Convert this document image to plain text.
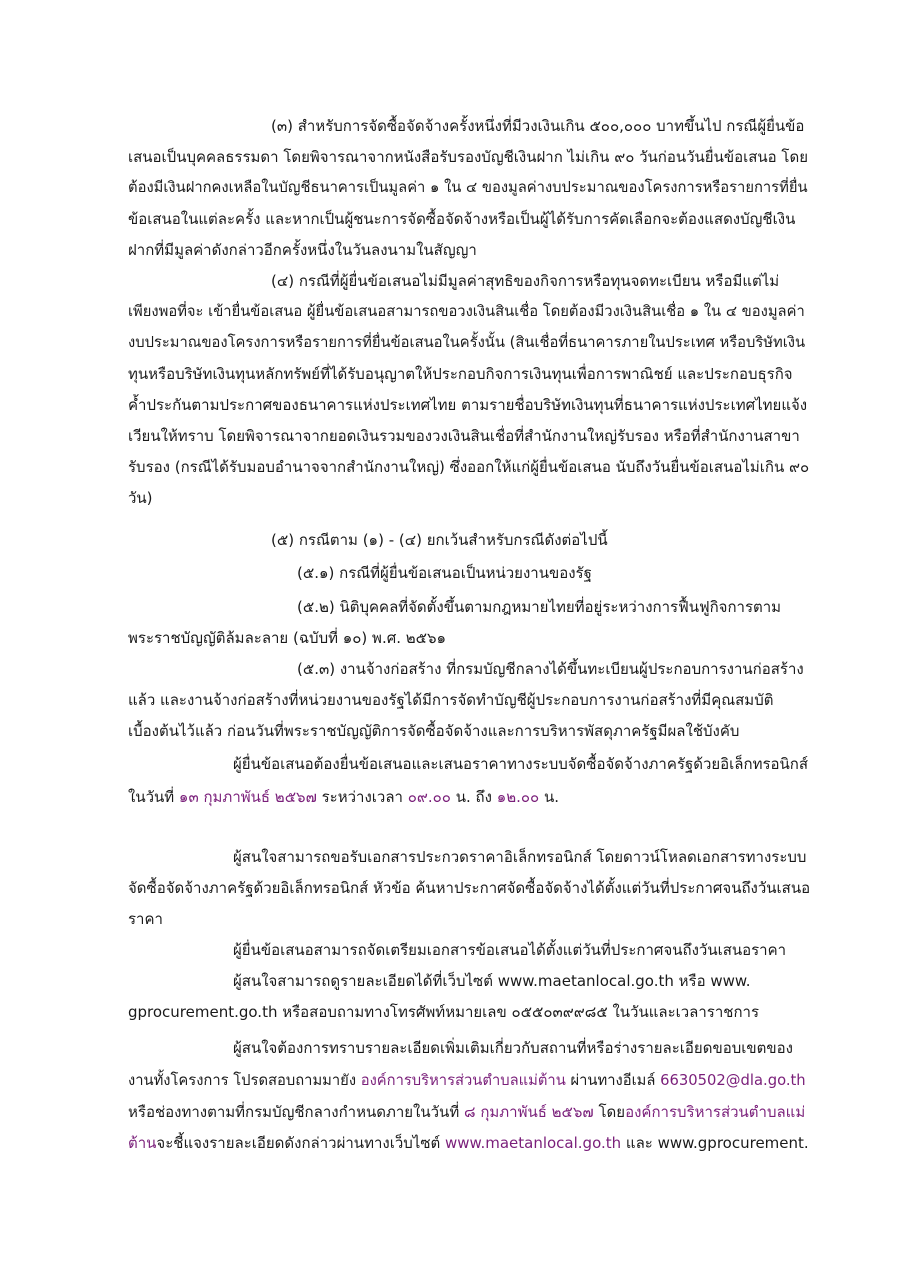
(๓) สำหรับการจัดซื้อจัดจ้างครั้งหนึ่งที่มีวงเงินเกิน ๕๐๐,๐๐๐ บาทขึ้นไป กรณีผู้ยื่นข้อ
เสนอเป็นบุคคลธรรมดา โดยพิจารณาจากหนังสือรับรองบัญชีเงินฝาก ไม่เกิน ๙๐ วันก่อนวันยื่นข้อเสนอ โดย
ต้องมีเงินฝากคงเหลือในบัญชีธนาคารเป็นมูลค่า ๑ ใน ๔ ของมูลค่างบประมาณของโครงการหรือรายการที่ยื่น
ข้อเสนอในแต่ละครั้ง และหากเป็นผู้ชนะการจัดซื้อจัดจ้างหรือเป็นผู้ได้รับการคัดเลือกจะต้องแสดงบัญชีเงิน
ฝากที่มีมูลค่าดังกล่าวอีกครั้งหนึ่งในวันลงนามในสัญญา
(๔) กรณีที่ผู้ยื่นข้อเสนอไม่มีมูลค่าสุทธิของกิจการหรือทุนจดทะเบียน หรือมีแต่ไม่
เพียงพอที่จะ เข้ายื่นข้อเสนอ ผู้ยื่นข้อเสนอสามารถขอวงเงินสินเชื่อ โดยต้องมีวงเงินสินเชื่อ ๑ ใน ๔ ของมูลค่า
งบประมาณของโครงการหรือรายการที่ยื่นข้อเสนอในครั้งนั้น (สินเชื่อที่ธนาคารภายในประเทศ หรือบริษัทเงิน
ทุนหรือบริษัทเงินทุนหลักทรัพย์ที่ได้รับอนุญาตให้ประกอบกิจการเงินทุนเพื่อการพาณิชย์ และประกอบธุรกิจ
ค้ำประกันตามประกาศของธนาคารแห่งประเทศไทย ตามรายชื่อบริษัทเงินทุนที่ธนาคารแห่งประเทศไทยแจ้ง
เวียนให้ทราบ โดยพิจารณาจากยอดเงินรวมของวงเงินสินเชื่อที่สำนักงานใหญ่รับรอง หรือที่สำนักงานสาขา
รับรอง (กรณีได้รับมอบอำนาจจากสำนักงานใหญ่) ซึ่งออกให้แก่ผู้ยื่นข้อเสนอ นับถึงวันยื่นข้อเสนอไม่เกิน ๙๐
วัน)
(๕) กรณีตาม (๑) - (๔) ยกเว้นสำหรับกรณีดังต่อไปนี้
(๕.๑) กรณีที่ผู้ยื่นข้อเสนอเป็นหน่วยงานของรัฐ
(๕.๒) นิติบุคคลที่จัดตั้งขึ้นตามกฎหมายไทยที่อยู่ระหว่างการฟื้นฟูกิจการตาม
พระราชบัญญัติล้มละลาย (ฉบับที่ ๑๐) พ.ศ. ๒๕๖๑
(๕.๓) งานจ้างก่อสร้าง ที่กรมบัญชีกลางได้ขึ้นทะเบียนผู้ประกอบการงานก่อสร้าง
แล้ว และงานจ้างก่อสร้างที่หน่วยงานของรัฐได้มีการจัดทำบัญชีผู้ประกอบการงานก่อสร้างที่มีคุณสมบัติ
เบื้องต้นไว้แล้ว ก่อนวันที่พระราชบัญญัติการจัดซื้อจัดจ้างและการบริหารพัสดุภาครัฐมีผลใช้บังคับ
ผู้ยื่นข้อเสนอต้องยื่นข้อเสนอและเสนอราคาทางระบบจัดซื้อจัดจ้างภาครัฐด้วยอิเล็กทรอนิกส์
ในวันที่ ๑๓ กุมภาพันธ์ ๒๕๖๗ ระหว่างเวลา ๐๙.๐๐ น. ถึง ๑๒.๐๐ น.
ผู้สนใจสามารถขอรับเอกสารประกวดราคาอิเล็กทรอนิกส์ โดยดาวน์โหลดเอกสารทางระบบ
จัดซื้อจัดจ้างภาครัฐด้วยอิเล็กทรอนิกส์ หัวข้อ ค้นหาประกาศจัดซื้อจัดจ้างได้ตั้งแต่วันที่ประกาศจนถึงวันเสนอ
ราคา
ผู้ยื่นข้อเสนอสามารถจัดเตรียมเอกสารข้อเสนอได้ตั้งแต่วันที่ประกาศจนถึงวันเสนอราคา
ผู้สนใจสามารถดูรายละเอียดได้ที่เว็บไซต์ www.maetanlocal.go.th หรือ www.
gprocurement.go.th หรือสอบถามทางโทรศัพท์หมายเลข ๐๕๕๐๓๙๙๘๕ ในวันและเวลาราชการ
ผู้สนใจต้องการทราบรายละเอียดเพิ่มเติมเกี่ยวกับสถานที่หรือร่างรายละเอียดขอบเขตของ
งานทั้งโครงการ โปรดสอบถามมายัง องค์การบริหารส่วนตำบลแม่ต้าน ผ่านทางอีเมล์ 6630502@dla.go.th
หรือช่องทางตามที่กรมบัญชีกลางกำหนดภายในวันที่ ๘ กุมภาพันธ์ ๒๕๖๗ โดยองค์การบริหารส่วนตำบลแม่
ต้านจะชี้แจงรายละเอียดดังกล่าวผ่านทางเว็บไซต์ www.maetanlocal.go.th และ www.gprocurement.
